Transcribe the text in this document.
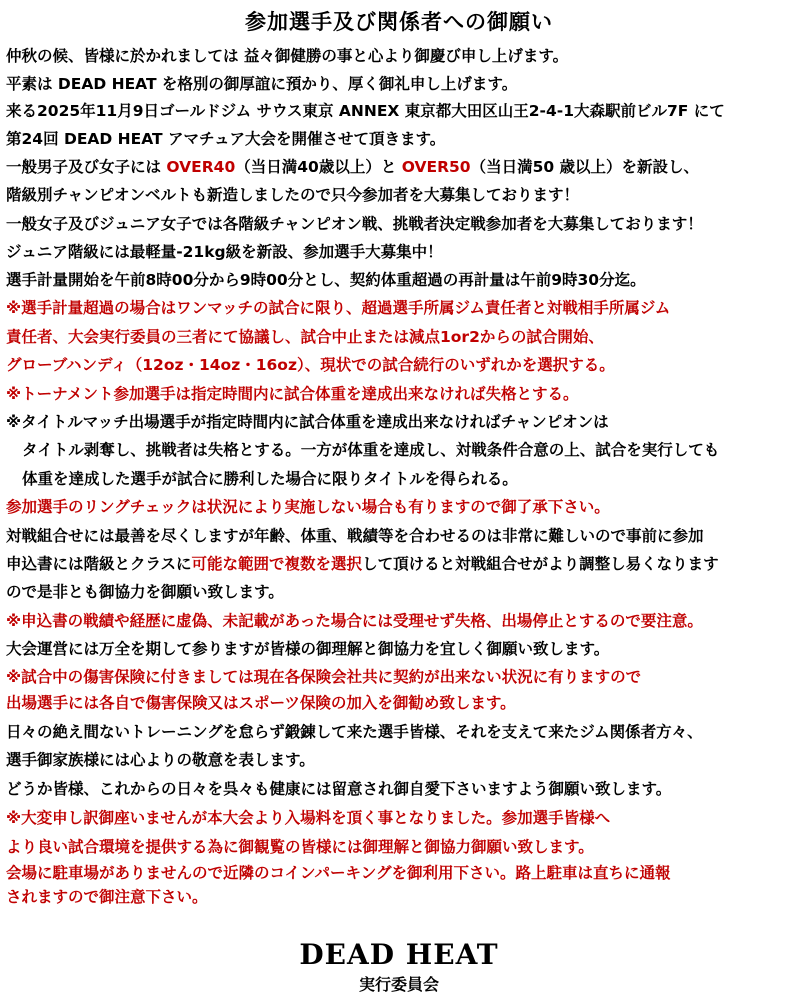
参加選手及び関係者への御願い
仲秋の候、皆様に於かれましては 益々御健勝の事と心より御慶び申し上げます。
平素は DEAD HEAT を格別の御厚誼に預かり、厚く御礼申し上げます。
来る2025年11月9日ゴールドジム サウス東京 ANNEX 東京都大田区山王2-4-1大森駅前ビル7F にて
第24回 DEAD HEAT アマチュア大会を開催させて頂きます。
一般男子及び女子には OVER40（当日満40歳以上）と OVER50（当日満50 歳以上）を新設し、
階級別チャンピオンベルトも新造しましたので只今参加者を大募集しております！
一般女子及びジュニア女子では各階級チャンピオン戦、挑戦者決定戦参加者を大募集しております！
ジュニア階級には最軽量-21kg級を新設、参加選手大募集中！
選手計量開始を午前8時00分から9時00分とし、契約体重超過の再計量は午前9時30分迄。
※選手計量超過の場合はワンマッチの試合に限り、超過選手所属ジム責任者と対戦相手所属ジム
責任者、大会実行委員の三者にて協議し、試合中止または減点1or2からの試合開始、
グローブハンディ（12oz・14oz・16oz）、現状での試合続行のいずれかを選択する。
※トーナメント参加選手は指定時間内に試合体重を達成出来なければ失格とする。
※タイトルマッチ出場選手が指定時間内に試合体重を達成出来なければチャンピオンは
タイトル剥奪し、挑戦者は失格とする。一方が体重を達成し、対戦条件合意の上、試合を実行しても
体重を達成した選手が試合に勝利した場合に限りタイトルを得られる。
参加選手のリングチェックは状況により実施しない場合も有りますので御了承下さい。
対戦組合せには最善を尽くしますが年齢、体重、戦績等を合わせるのは非常に難しいので事前に参加
申込書には階級とクラスに可能な範囲で複数を選択して頂けると対戦組合せがより調整し易くなります
ので是非とも御協力を御願い致します。
※申込書の戦績や経歴に虚偽、未記載があった場合には受理せず失格、出場停止とするので要注意。
大会運営には万全を期して参りますが皆様の御理解と御協力を宜しく御願い致します。
※試合中の傷害保険に付きましては現在各保険会社共に契約が出来ない状況に有りますので
出場選手には各自で傷害保険又はスポーツ保険の加入を御勧め致します。
日々の絶え間ないトレーニングを怠らず鍛錬して来た選手皆様、それを支えて来たジム関係者方々、
選手御家族様には心よりの敬意を表します。
どうか皆様、これからの日々を呉々も健康には留意され御自愛下さいますよう御願い致します。
※大変申し訳御座いませんが本大会より入場料を頂く事となりました。参加選手皆様へ
より良い試合環境を提供する為に御観覧の皆様には御理解と御協力御願い致します。
会場に駐車場がありませんので近隣のコインパーキングを御利用下さい。路上駐車は直ちに通報
されますので御注意下さい。
DEAD HEAT
実行委員会
